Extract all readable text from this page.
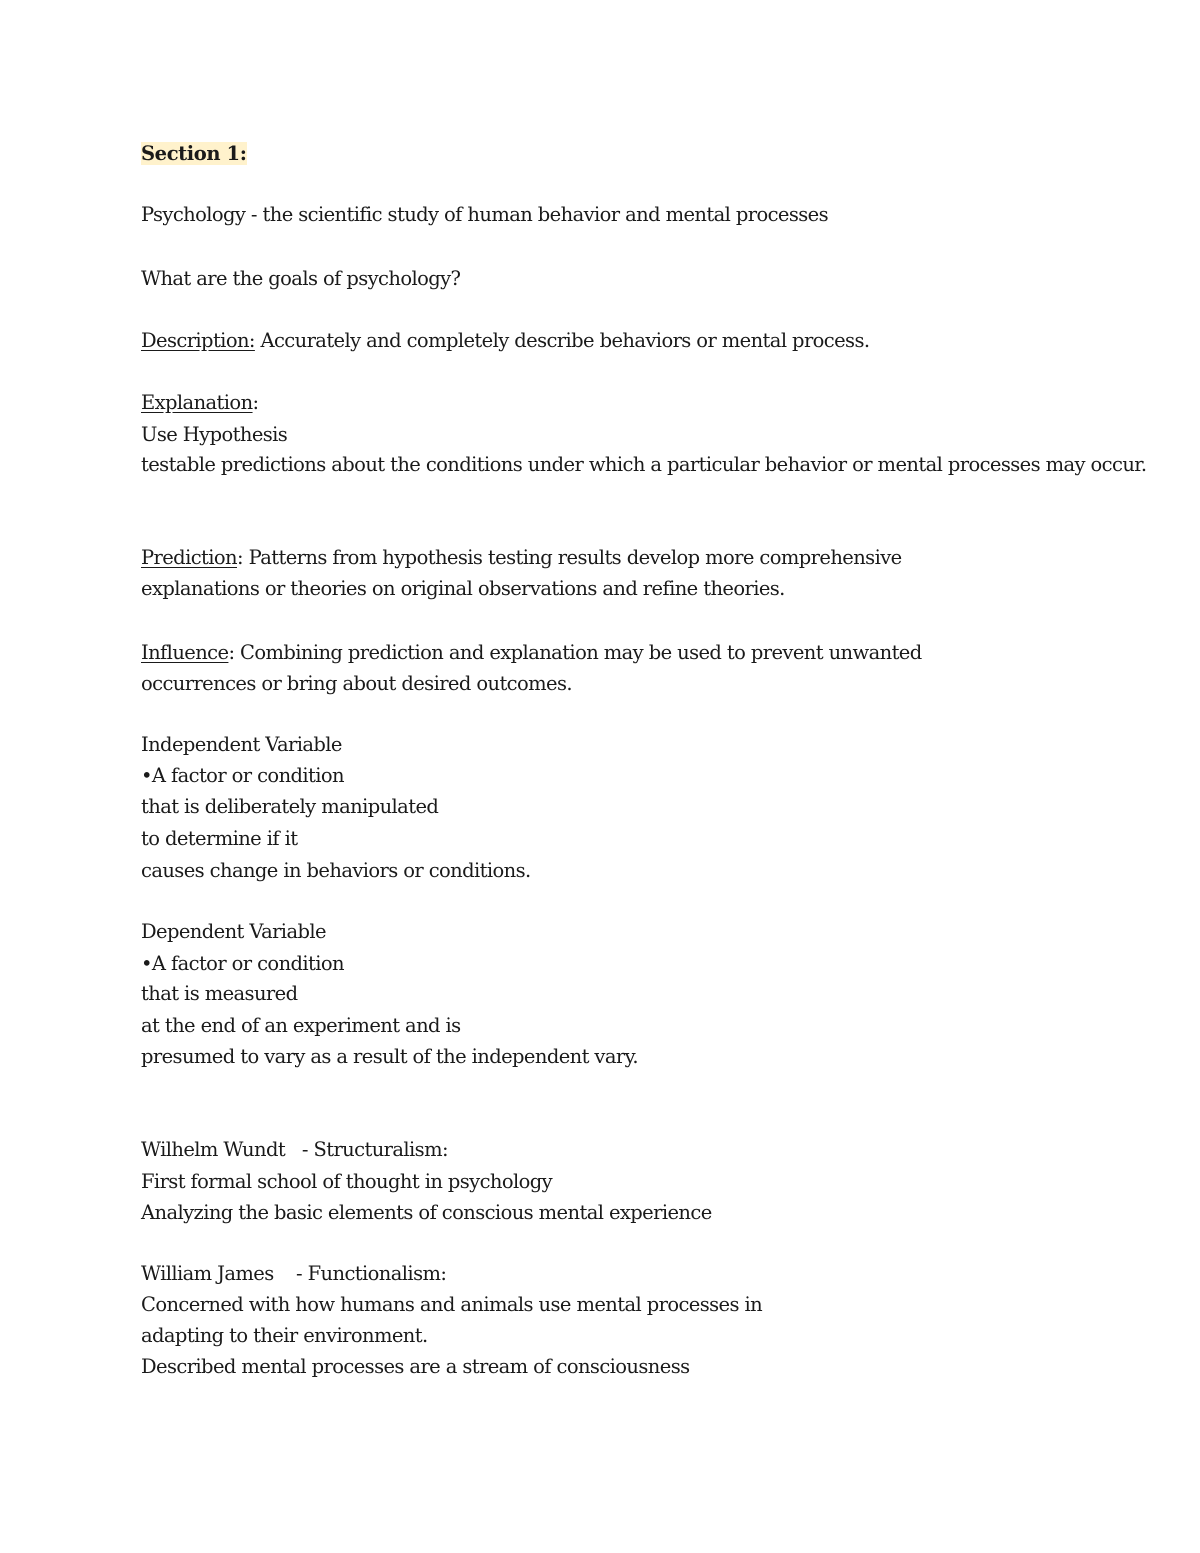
Section 1:
Psychology - the scientific study of human behavior and mental processes
What are the goals of psychology?
Description: Accurately and completely describe behaviors or mental process.
Explanation:
Use Hypothesis
testable predictions about the conditions under which a particular behavior or mental processes may occur.
Prediction: Patterns from hypothesis testing results develop more comprehensive
explanations or theories on original observations and refine theories.
Influence: Combining prediction and explanation may be used to prevent unwanted
occurrences or bring about desired outcomes.
Independent Variable
•A factor or condition
that is deliberately manipulated
to determine if it
causes change in behaviors or conditions.
Dependent Variable
•A factor or condition
that is measured
at the end of an experiment and is
presumed to vary as a result of the independent vary.
Wilhelm Wundt   - Structuralism:
First formal school of thought in psychology
Analyzing the basic elements of conscious mental experience
William James    - Functionalism:
Concerned with how humans and animals use mental processes in
adapting to their environment.
Described mental processes are a stream of consciousness
